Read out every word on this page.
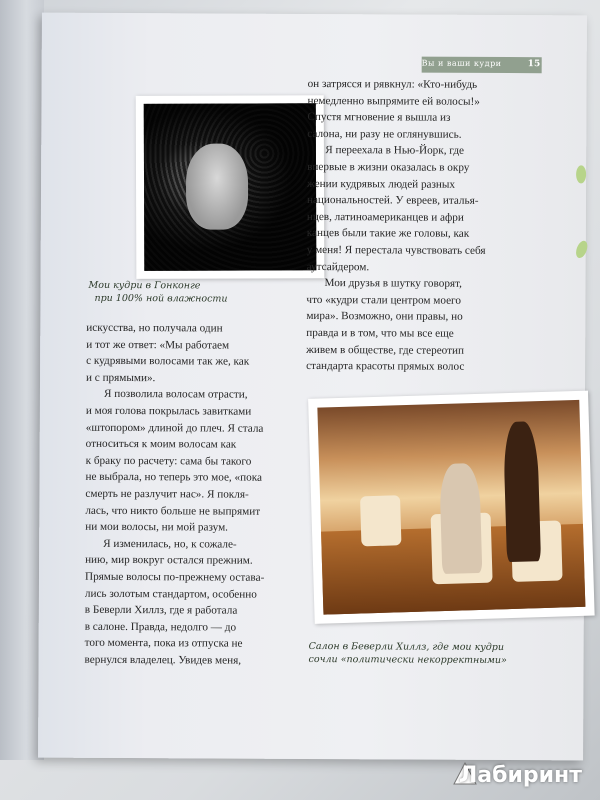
Вы и ваши кудри	15
Мои кудри в Гонконге
при 100% ной влажности

искусства, но получала один

и тот же ответ: «Мы работаем

с кудрявыми волосами так же, как

и с прямыми».

Я позволила волосам отрасти,

и моя голова покрылась завитками

«штопором» длиной до плеч. Я стала

относиться к моим волосам как

к браку по расчету: сама бы такого

не выбрала, но теперь это мое, «пока

смерть не разлучит нас». Я покля-

лась, что никто больше не выпрямит

ни мои волосы, ни мой разум.

Я изменилась, но, к сожале-

нию, мир вокруг остался прежним.

Прямые волосы по-прежнему оставa-

лись золотым стандартом, особенно

в Беверли Хиллз, где я работала

в салоне. Правда, недолго — до

того момента, пока из отпуска не

вернулся владелец. Увидев меня,

он затрясся и рявкнул: «Кто-нибудь

немедленно выпрямите ей волосы!»

Спустя мгновение я вышла из

салона, ни разу не оглянувшись.

Я переехала в Нью-Йорк, где

впервые в жизни оказалась в окру

жении кудрявых людей разных

национальностей. У евреев, италья-

нцев, латиноамериканцев и афри

канцев были такие же головы, как

у меня! Я перестала чувствовать себя

аутсайдером.

Мои друзья в шутку говорят,

что «кудри стали центром моего

мира». Возможно, они правы, но

правда и в том, что мы все еще

живем в обществе, где стереотип

стандарта красоты прямых волос

Салон в Беверли Хиллз, где мои кудри
сочли «политически некорректными»
Лабиринт
